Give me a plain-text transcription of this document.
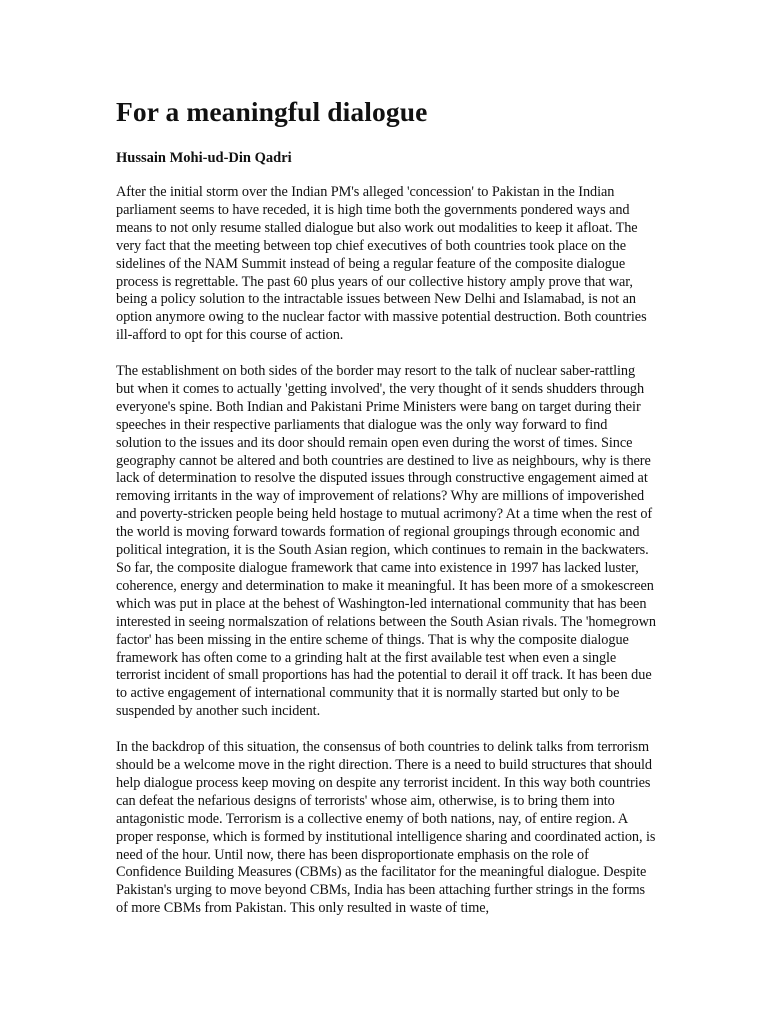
For a meaningful dialogue
Hussain Mohi-ud-Din Qadri

After the initial storm over the Indian PM's alleged 'concession' to Pakistan in the Indian parliament seems to have receded, it is high time both the governments pondered ways and means to not only resume stalled dialogue but also work out modalities to keep it afloat. The very fact that the meeting between top chief executives of both countries took place on the sidelines of the NAM Summit instead of being a regular feature of the composite dialogue process is regrettable. The past 60 plus years of our collective history amply prove that war, being a policy solution to the intractable issues between New Delhi and Islamabad, is not an option anymore owing to the nuclear factor with massive potential destruction. Both countries ill-afford to opt for this course of action.

The establishment on both sides of the border may resort to the talk of nuclear saber-rattling but when it comes to actually 'getting involved', the very thought of it sends shudders through everyone's spine. Both Indian and Pakistani Prime Ministers were bang on target during their speeches in their respective parliaments that dialogue was the only way forward to find solution to the issues and its door should remain open even during the worst of times. Since geography cannot be altered and both countries are destined to live as neighbours, why is there lack of determination to resolve the disputed issues through constructive engagement aimed at removing irritants in the way of improvement of relations? Why are millions of impoverished and poverty-stricken people being held hostage to mutual acrimony? At a time when the rest of the world is moving forward towards formation of regional groupings through economic and political integration, it is the South Asian region, which continues to remain in the backwaters. So far, the composite dialogue framework that came into existence in 1997 has lacked luster, coherence, energy and determination to make it meaningful. It has been more of a smokescreen which was put in place at the behest of Washington-led international community that has been interested in seeing normalszation of relations between the South Asian rivals. The 'homegrown factor' has been missing in the entire scheme of things. That is why the composite dialogue framework has often come to a grinding halt at the first available test when even a single terrorist incident of small proportions has had the potential to derail it off track. It has been due to active engagement of international community that it is normally started but only to be suspended by another such incident.

In the backdrop of this situation, the consensus of both countries to delink talks from terrorism should be a welcome move in the right direction. There is a need to build structures that should help dialogue process keep moving on despite any terrorist incident. In this way both countries can defeat the nefarious designs of terrorists' whose aim, otherwise, is to bring them into antagonistic mode. Terrorism is a collective enemy of both nations, nay, of entire region. A proper response, which is formed by institutional intelligence sharing and coordinated action, is need of the hour. Until now, there has been disproportionate emphasis on the role of Confidence Building Measures (CBMs) as the facilitator for the meaningful dialogue. Despite Pakistan's urging to move beyond CBMs, India has been attaching further strings in the forms of more CBMs from Pakistan. This only resulted in waste of time,
